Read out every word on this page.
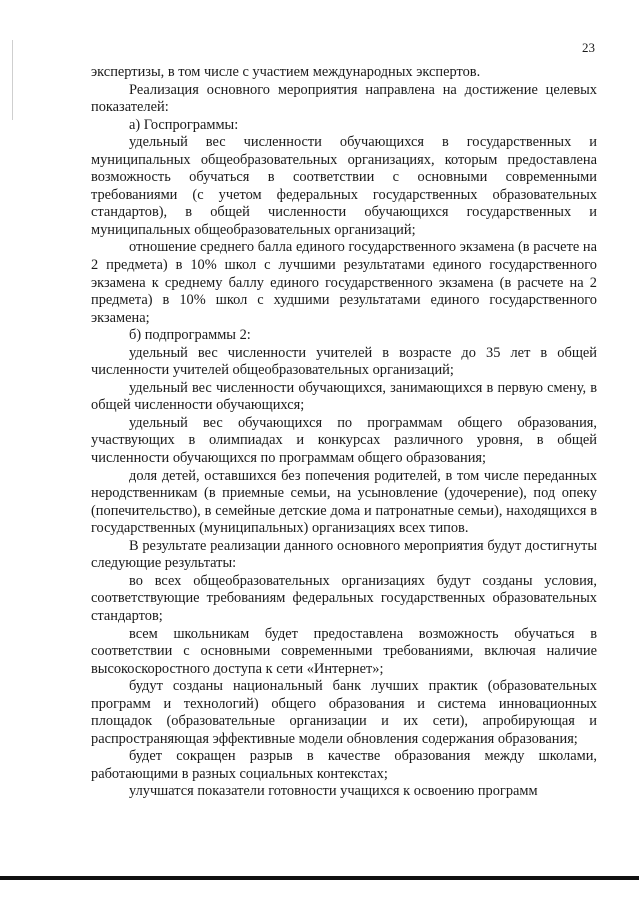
23

экспертизы, в том числе с участием международных экспертов.

Реализация основного мероприятия направлена на достижение целевых показателей:

а) Госпрограммы:

удельный вес численности обучающихся в государственных и муниципальных общеобразовательных организациях, которым предоставлена возможность обучаться в соответствии с основными современными требованиями (с учетом федеральных государственных образовательных стандартов), в общей численности обучающихся государственных и муниципальных общеобразовательных организаций;

отношение среднего балла единого государственного экзамена (в расчете на 2 предмета) в 10% школ с лучшими результатами единого государственного экзамена к среднему баллу единого государственного экзамена (в расчете на 2 предмета) в 10% школ с худшими результатами единого государственного экзамена;

б) подпрограммы 2:

удельный вес численности учителей в возрасте до 35 лет в общей численности учителей общеобразовательных организаций;

удельный вес численности обучающихся, занимающихся в первую смену, в общей численности обучающихся;

удельный вес обучающихся по программам общего образования, участвующих в олимпиадах и конкурсах различного уровня, в общей численности обучающихся по программам общего образования;

доля детей, оставшихся без попечения родителей, в том числе переданных неродственникам (в приемные семьи, на усыновление (удочерение), под опеку (попечительство), в семейные детские дома и патронатные семьи), находящихся в государственных (муниципальных) организациях всех типов.

В результате реализации данного основного мероприятия будут достигнуты следующие результаты:

во всех общеобразовательных организациях будут созданы условия, соответствующие требованиям федеральных государственных образовательных стандартов;

всем школьникам будет предоставлена возможность обучаться в соответствии с основными современными требованиями, включая наличие высокоскоростного доступа к сети «Интернет»;

будут созданы национальный банк лучших практик (образовательных программ и технологий) общего образования и система инновационных площадок (образовательные организации и их сети), апробирующая и распространяющая эффективные модели обновления содержания образования;

будет сокращен разрыв в качестве образования между школами, работающими в разных социальных контекстах;

улучшатся показатели готовности учащихся к освоению программ
